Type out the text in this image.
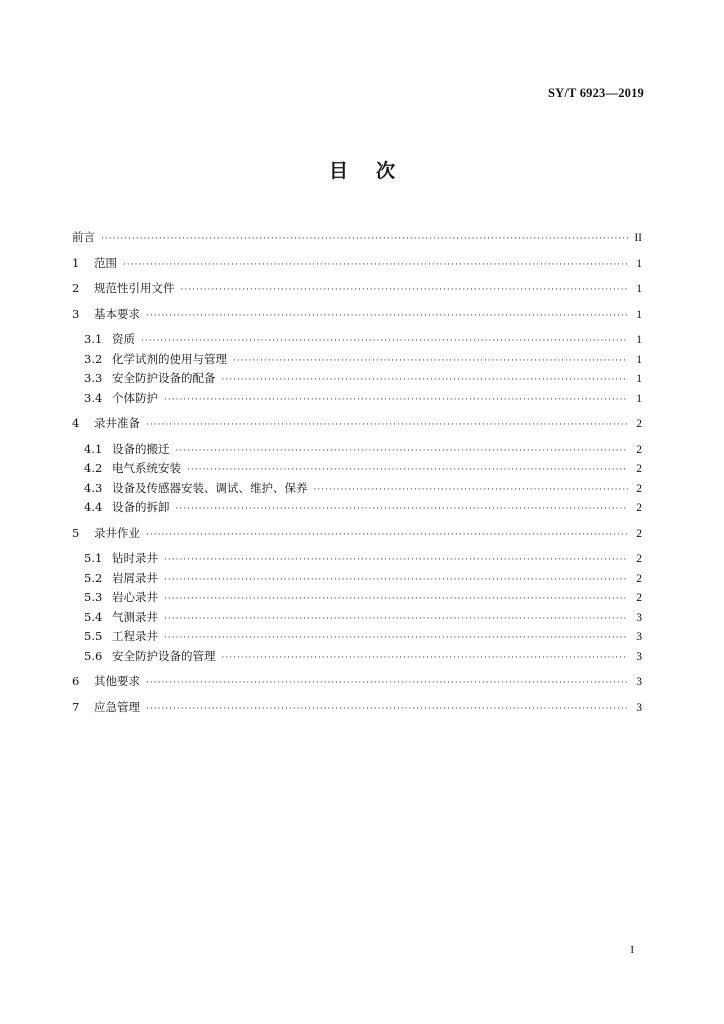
SY/T 6923—2019
目次
前言 ·····	II
1	范围 ·····	1
2	规范性引用文件 ·····	1
3	基本要求 ·····	1
3.1 资质 ·····	1
3.2 化学试剂的使用与管理 ·····	1
3.3 安全防护设备的配备 ·····	1
3.4 个体防护 ·····	1
4	录井准备 ·····	2
4.1 设备的搬迁 ·····	2
4.2 电气系统安装 ·····	2
4.3 设备及传感器安装、调试、维护、保养 ·····	2
4.4 设备的拆卸 ·····	2
5	录井作业 ·····	2
5.1 钻时录井 ·····	2
5.2 岩屑录井 ·····	2
5.3 岩心录井 ·····	2
5.4 气测录井 ·····	3
5.5 工程录井 ·····	3
5.6 安全防护设备的管理 ·····	3
6	其他要求 ·····	3
7	应急管理 ·····	3
I
